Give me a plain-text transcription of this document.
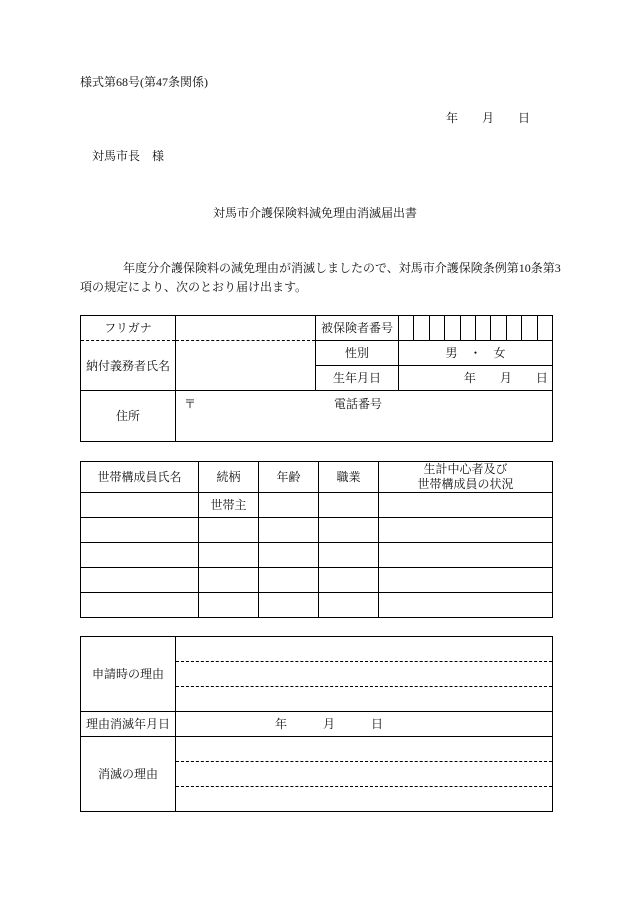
様式第68号(第47条関係)
年　　月　　日
対馬市長　様
対馬市介護保険料減免理由消滅届出書
年度分介護保険料の減免理由が消滅しましたので、対馬市介護保険条例第10条第3
項の規定により、次のとおり届け出ます。
フリガナ		被保険者番号										
納付義務者氏名		性別	男　・　女									
		生年月日	年　　月　　日									
住所	〒 電話番号											
世帯構成員氏名	続柄	年齢	職業	生計中心者及び
世帯構成員の状況

	世帯主			

申請時の理由	

理由消滅年月日	年　　　月　　　日
消滅の理由	
